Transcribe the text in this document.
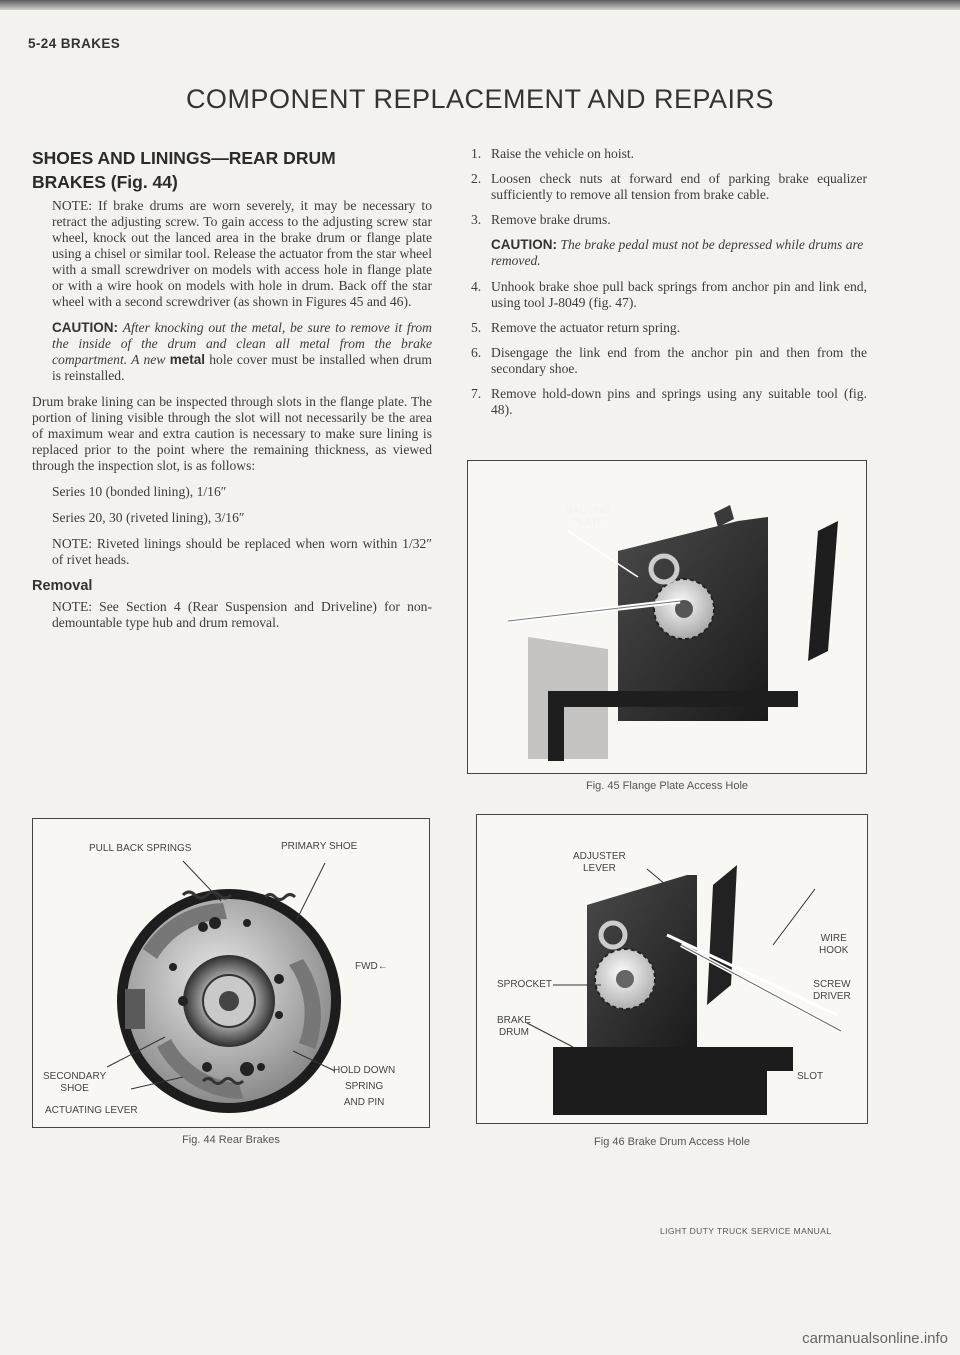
5-24 BRAKES
COMPONENT REPLACEMENT AND REPAIRS
SHOES AND LININGS—REAR DRUM
BRAKES (Fig. 44)

NOTE: If brake drums are worn severely, it may be necessary to retract the adjusting screw. To gain access to the adjusting screw star wheel, knock out the lanced area in the brake drum or flange plate using a chisel or similar tool. Release the actuator from the star wheel with a small screwdriver on models with access hole in flange plate or with a wire hook on models with hole in drum. Back off the star wheel with a second screwdriver (as shown in Figures 45 and 46).

CAUTION: After knocking out the metal, be sure to remove it from the inside of the drum and clean all metal from the brake compartment. A new metal hole cover must be installed when drum is reinstalled.

Drum brake lining can be inspected through slots in the flange plate. The portion of lining visible through the slot will not necessarily be the area of maximum wear and extra caution is necessary to make sure lining is replaced prior to the point where the remaining thickness, as viewed through the inspection slot, is as follows:

Series 10 (bonded lining), 1/16″

Series 20, 30 (riveted lining), 3/16″

NOTE: Riveted linings should be replaced when worn within 1/32″ of rivet heads.

Removal

NOTE: See Section 4 (Rear Suspension and Driveline) for non-demountable type hub and drum removal.

1. Raise the vehicle on hoist.
2. Loosen check nuts at forward end of parking brake equalizer sufficiently to remove all tension from brake cable.
3. Remove brake drums.
CAUTION: The brake pedal must not be depressed while drums are removed.
4. Unhook brake shoe pull back springs from anchor pin and link end, using tool J-8049 (fig. 47).
5. Remove the actuator return spring.
6. Disengage the link end from the anchor pin and then from the secondary shoe.
7. Remove hold-down pins and springs using any suitable tool (fig. 48).
PULL BACK SPRINGS	PRIMARY SHOE
FWD←
SECONDARY
SHOE
ACTUATING LEVER
HOLD DOWN
SPRING
AND PIN
Fig. 44 Rear Brakes
BACKING
PLATE
Fig. 45 Flange Plate Access Hole
ADJUSTER
LEVER
WIRE
HOOK
SPROCKET	SCREW
DRIVER
BRAKE
DRUM
SLOT
Fig 46 Brake Drum Access Hole
LIGHT DUTY TRUCK SERVICE MANUAL
carmanualsonline.info
